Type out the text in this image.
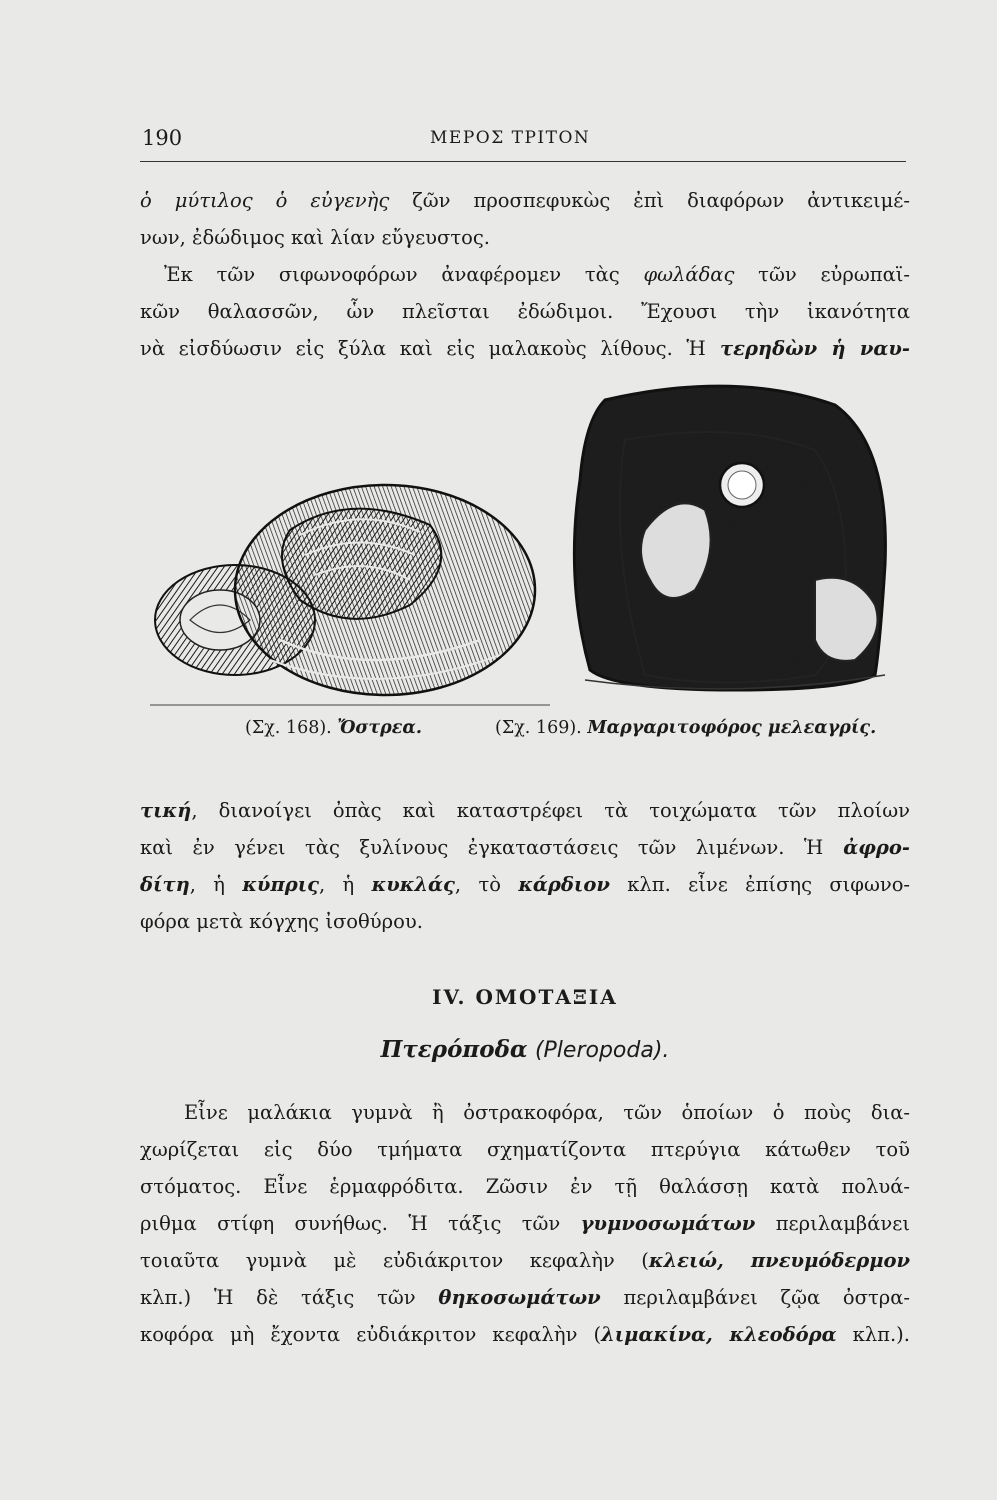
190	ΜΕΡΟΣ ΤΡΙΤΟΝ
ὁ μύτιλος ὁ εὐγενὴς ζῶν προσπεφυκὼς ἐπὶ διαφόρων ἀντικειμέ-
νων, ἐδώδιμος καὶ λίαν εὔγευστος.
Ἐκ τῶν σιφωνοφόρων ἀναφέρομεν τὰς φωλάδας τῶν εὐρωπαϊ-
κῶν θαλασσῶν, ὧν πλεῖσται ἐδώδιμοι. Ἔχουσι τὴν ἱκανότητα
νὰ εἰσδύωσιν εἰς ξύλα καὶ εἰς μαλακοὺς λίθους. Ἡ τερηδὼν ἡ ναυ-
(Σχ. 168). Ὄστρεα.	(Σχ. 169). Μαργαριτοφόρος μελεαγρίς.
τική, διανοίγει ὀπὰς καὶ καταστρέφει τὰ τοιχώματα τῶν πλοίων
καὶ ἐν γένει τὰς ξυλίνους ἐγκαταστάσεις τῶν λιμένων. Ἡ ἀφρο-
δίτη, ἡ κύπρις, ἡ κυκλάς, τὸ κάρδιον κλπ. εἶνε ἐπίσης σιφωνο-
φόρα μετὰ κόγχης ἰσοθύρου.
IV. ΟΜΟΤΑΞΙΑ
Πτερόποδα (Pleropoda).
Εἶνε μαλάκια γυμνὰ ἢ ὀστρακοφόρα, τῶν ὁποίων ὁ ποὺς δια-
χωρίζεται εἰς δύο τμήματα σχηματίζοντα πτερύγια κάτωθεν τοῦ
στόματος. Εἶνε ἑρμαφρόδιτα. Ζῶσιν ἐν τῇ θαλάσσῃ κατὰ πολυά-
ριθμα στίφη συνήθως. Ἡ τάξις τῶν γυμνοσωμάτων περιλαμβάνει
τοιαῦτα γυμνὰ μὲ εὐδιάκριτον κεφαλὴν (κλειώ, πνευμόδερμον
κλπ.) Ἡ δὲ τάξις τῶν θηκοσωμάτων περιλαμβάνει ζῷα ὀστρα-
κοφόρα μὴ ἔχοντα εὐδιάκριτον κεφαλὴν (λιμακίνα, κλεοδόρα κλπ.).
